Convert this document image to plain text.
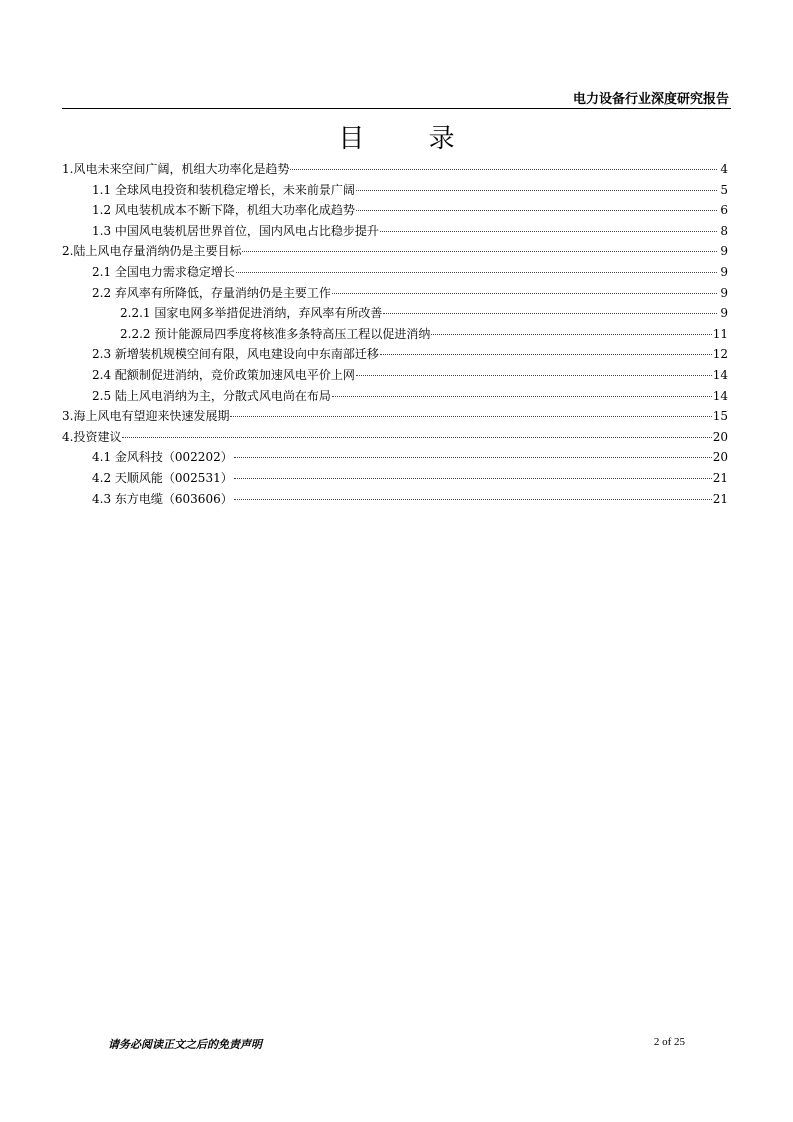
电力设备行业深度研究报告
目 录
1.风电未来空间广阔，机组大功率化是趋势	4
1.1 全球风电投资和装机稳定增长，未来前景广阔	5
1.2 风电装机成本不断下降，机组大功率化成趋势	6
1.3 中国风电装机居世界首位，国内风电占比稳步提升	8
2.陆上风电存量消纳仍是主要目标	9
2.1 全国电力需求稳定增长	9
2.2 弃风率有所降低，存量消纳仍是主要工作	9
2.2.1 国家电网多举措促进消纳，弃风率有所改善	9
2.2.2 预计能源局四季度将核准多条特高压工程以促进消纳	11
2.3 新增装机规模空间有限，风电建设向中东南部迁移	12
2.4 配额制促进消纳，竞价政策加速风电平价上网	14
2.5 陆上风电消纳为主，分散式风电尚在布局	14
3.海上风电有望迎来快速发展期	15
4.投资建议	20
4.1 金风科技（002202）	20
4.2 天顺风能（002531）	21
4.3 东方电缆（603606）	21
请务必阅读正文之后的免责声明	2 of 25
